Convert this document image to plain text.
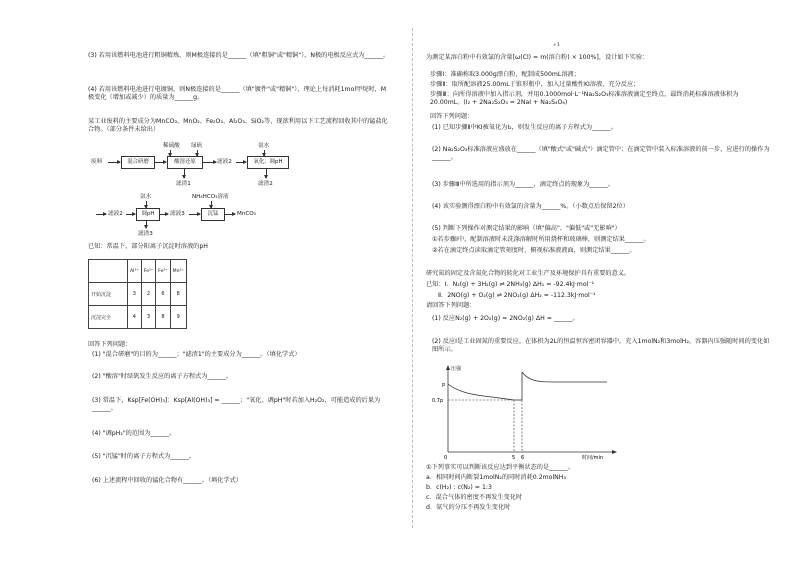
(3) 若用该燃料电池进行粗铜精炼，则M极连接的是______（填"粗铜"或"精铜"），N极的电极反应式为______。
(4) 若用该燃料电池进行电镀铜，则N极连接的是______（填"镀件"或"精铜"），理论上每消耗1mol甲烷时，M极变化（增加或减少）的质量为______g。
某工业废料的主要成分为MnCO₃、MnO₂、Fe₂O₃、Al₂O₃、SiO₂等，现欲利用以下工艺流程回收其中的锰盐化合物。（部分条件未给出）
稀硫酸 绿矾	氨水
废料	混合研磨	酸溶还原	滤液2	氧化、调pH
滤渣1	滤渣2
氨水	NH₄HCO₃溶液
滤液2	调pH	滤液3	沉锰	MnCO₃
滤渣3
已知：常温下，部分阳离子沉淀时溶液的pH
	Al³⁺	Fe³⁺	Fe²⁺	Mn²⁺
开始沉淀	3	2	6	8
沉淀完全	4	3	8	9
回答下列问题：
(1) "混合研磨"的目的为______；"滤渣1"的主要成分为______。（填化学式）
(2) "酸溶"时绿矾发生反应的离子方程式为______。
(3) 常温下，Ksp[Fe(OH)₃]：Ksp[Al(OH)₃] = ______；"氧化、调pH"时若加入H₂O₂，可能造成的后果为______。
(4) "调pH₂"的范围为______。
(5) "沉锰"时的离子方程式为______。
(6) 上述流程中回收的锰化合物有______。（填化学式）
+1
为测定某溶白粉中有效氯的含量[ω(Cl) = m(溶白粉) × 100%]，设计如下实验：
步骤Ⅰ：准确称取3.000g漂白粉，配制成500mL溶液；
步骤Ⅱ：取所配溶液25.00mL于锥形瓶中，加入过量酸性KI溶液，充分反应；
步骤Ⅲ：向所得溶液中加入指示剂，并用0.1000mol·L⁻¹Na₂S₂O₃标准溶液滴定至终点，最终消耗标准溶液体积为20.00mL。(I₂ + 2Na₂S₂O₃ = 2NaI + Na₂S₄O₆)
回答下列问题：
(1) 已知步骤Ⅱ中KI被氧化为I₂，则发生反应的离子方程式为______。
(2) Na₂S₂O₃标准溶液应盛放在______（填"酸式"或"碱式"）滴定管中；在滴定管中装入标准溶液的前一步，应进行的操作为______。
(3) 步骤Ⅲ中所选用的指示剂为______，滴定终点的现象为______。
(4) 该实验测得漂白粉中有效氯的含量为______%。（小数点后保留2位）
(5) 判断下列操作对测定结果的影响（填"偏高"、"偏低"或"无影响"）
①若步骤Ⅰ中，配制溶液时未洗涤溶解时所用烧杯和玻璃棒，则测定结果______。
②若在滴定终点读取滴定管刻度时，俯视标准液液面，则测定结果______。
研究氮的固定及含氮化合物的转化对工业生产及环境保护具有重要的意义。
已知：Ⅰ．N₂(g) + 3H₂(g) ⇌ 2NH₃(g) ΔH₁ = -92.4kJ·mol⁻¹
Ⅱ．2NO(g) + O₂(g) ⇌ 2NO₂(g) ΔH₂ = -112.3kJ·mol⁻¹
请回答下列问题：
(1) 反应N₂(g) + 2O₂(g) = 2NO₂(g) ΔH = ______。
(2) 反应Ⅰ是工业固氮的重要反应。在体积为2L的恒温恒容密闭容器中，充入1molN₂和3molH₂，容器内压强随时间的变化如图所示。
压强
p
0.7p
0	5 6	时间/min
①下列事实可以判断该反应达到平衡状态的是______。
a．相同时间内断裂1molN₂的同时消耗0.2molNH₃
b．c(H₂) : c(N₂) = 1:3
c．混合气体的密度不再发生变化时
d．氨气的分压不再发生变化时
